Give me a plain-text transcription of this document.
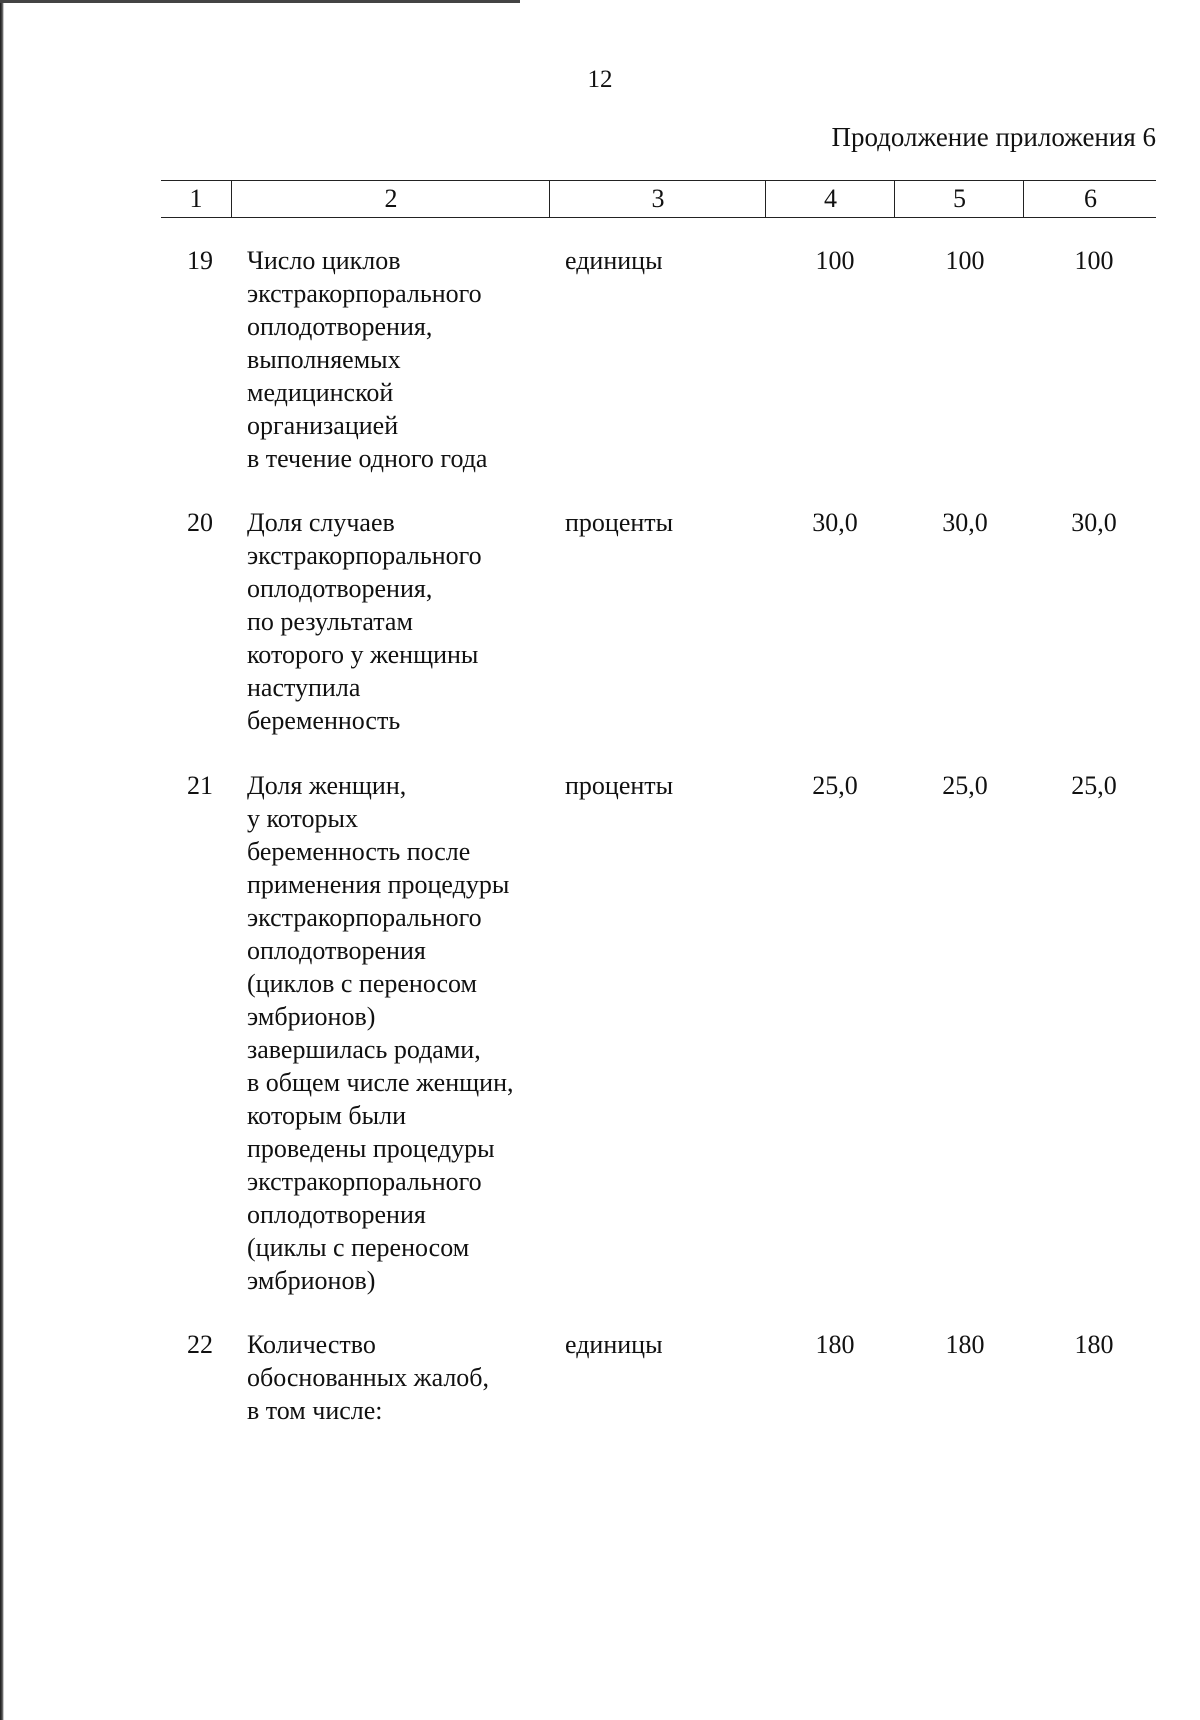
12
Продолжение приложения 6
1	2	3	4	5	6
19 Число циклов
экстракорпорального
оплодотворения,
выполняемых
медицинской
организацией
в течение одного года
единицы	100	100	100
20 Доля случаев
экстракорпорального
оплодотворения,
по результатам
которого у женщины
наступила
беременность
проценты	30,0	30,0	30,0
21 Доля женщин,
у которых
беременность после
применения процедуры
экстракорпорального
оплодотворения
(циклов с переносом
эмбрионов)
завершилась родами,
в общем числе женщин,
которым были
проведены процедуры
экстракорпорального
оплодотворения
(циклы с переносом
эмбрионов)
проценты	25,0	25,0	25,0
22 Количество
обоснованных жалоб,
в том числе:
единицы	180	180	180
